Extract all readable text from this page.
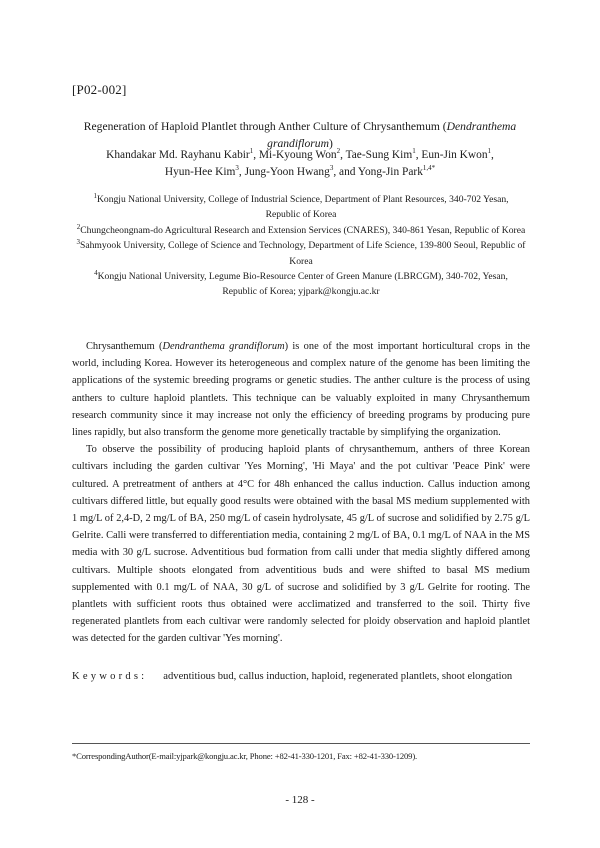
[P02-002]
Regeneration of Haploid Plantlet through Anther Culture of Chrysanthemum (Dendranthema grandiflorum)
Khandakar Md. Rayhanu Kabir$^1$, Mi-Kyoung Won$^2$, Tae-Sung Kim$^1$, Eun-Jin Kwon$^1$,
Hyun-Hee Kim$^3$, Jung-Yoon Hwang$^3$, and Yong-Jin Park$^{1,4*}$

$^1$Kongju National University, College of Industrial Science, Department of Plant Resources, 340-702 Yesan, Republic of Korea

$^2$Chungcheongnam-do Agricultural Research and Extension Services (CNARES), 340-861 Yesan, Republic of Korea

$^3$Sahmyook University, College of Science and Technology, Department of Life Science, 139-800 Seoul, Republic of Korea

$^4$Kongju National University, Legume Bio-Resource Center of Green Manure (LBRCGM), 340-702, Yesan, Republic of Korea; yjpark@kongju.ac.kr

Chrysanthemum (Dendranthema grandiflorum) is one of the most important horticultural crops in the world, including Korea. However its heterogeneous and complex nature of the genome has been limiting the applications of the systemic breeding programs or genetic studies. The anther culture is the process of using anthers to culture haploid plantlets. This technique can be valuably exploited in many Chrysanthemum research community since it may increase not only the efficiency of breeding programs by producing pure lines rapidly, but also transform the genome more genetically tractable by simplifying the organization.

To observe the possibility of producing haploid plants of chrysanthemum, anthers of three Korean cultivars including the garden cultivar 'Yes Morning', 'Hi Maya' and the pot cultivar 'Peace Pink' were cultured. A pretreatment of anthers at 4°C for 48h enhanced the callus induction. Callus induction among cultivars differed little, but equally good results were obtained with the basal MS medium supplemented with 1 mg/L of 2,4-D, 2 mg/L of BA, 250 mg/L of casein hydrolysate, 45 g/L of sucrose and solidified by 2.75 g/L Gelrite. Calli were transferred to differentiation media, containing 2 mg/L of BA, 0.1 mg/L of NAA in the MS media with 30 g/L sucrose. Adventitious bud formation from calli under that media slightly differed among cultivars. Multiple shoots elongated from adventitious buds and were shifted to basal MS medium supplemented with 0.1 mg/L of NAA, 30 g/L of sucrose and solidified by 3 g/L Gelrite for rooting. The plantlets with sufficient roots thus obtained were acclimatized and transferred to the soil. Thirty five regenerated plantlets from each cultivar were randomly selected for ploidy observation and haploid plantlet was detected for the garden cultivar 'Yes morning'.

Keywords: adventitious bud, callus induction, haploid, regenerated plantlets, shoot elongation
*CorrespondingAuthor(E-mail:yjpark@kongju.ac.kr, Phone: +82-41-330-1201, Fax: +82-41-330-1209).
- 128 -
